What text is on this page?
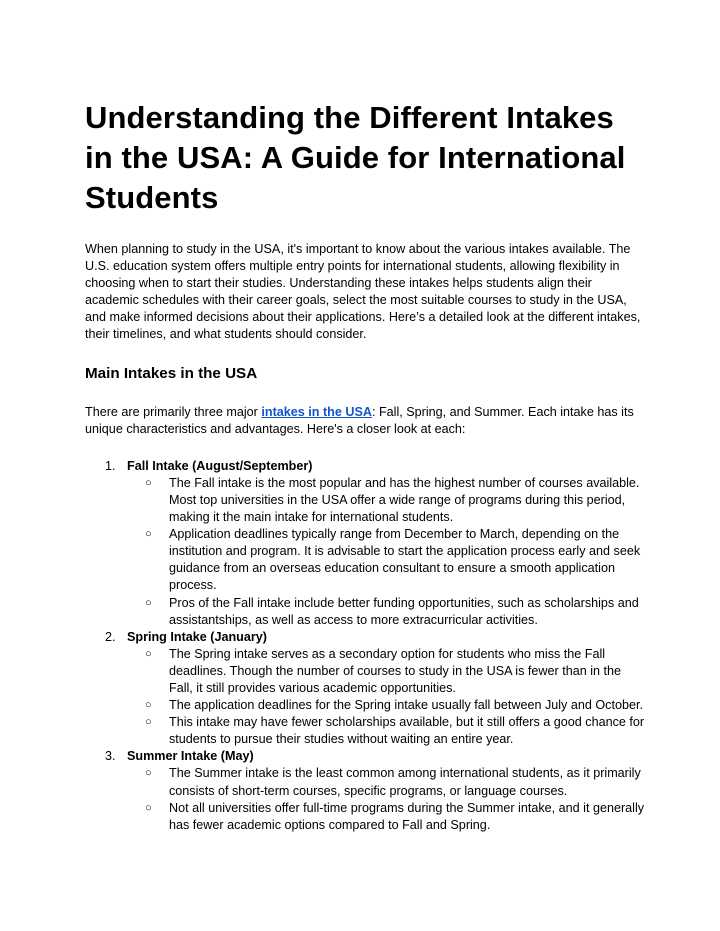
Understanding the Different Intakes in the USA: A Guide for International Students

When planning to study in the USA, it's important to know about the various intakes available. The U.S. education system offers multiple entry points for international students, allowing flexibility in choosing when to start their studies. Understanding these intakes helps students align their academic schedules with their career goals, select the most suitable courses to study in the USA, and make informed decisions about their applications. Here’s a detailed look at the different intakes, their timelines, and what students should consider.

Main Intakes in the USA

There are primarily three major intakes in the USA: Fall, Spring, and Summer. Each intake has its unique characteristics and advantages. Here's a closer look at each:

1. Fall Intake (August/September)
○ The Fall intake is the most popular and has the highest number of courses available. Most top universities in the USA offer a wide range of programs during this period, making it the main intake for international students.
○ Application deadlines typically range from December to March, depending on the institution and program. It is advisable to start the application process early and seek guidance from an overseas education consultant to ensure a smooth application process.
○ Pros of the Fall intake include better funding opportunities, such as scholarships and assistantships, as well as access to more extracurricular activities.
2. Spring Intake (January)
○ The Spring intake serves as a secondary option for students who miss the Fall deadlines. Though the number of courses to study in the USA is fewer than in the Fall, it still provides various academic opportunities.
○ The application deadlines for the Spring intake usually fall between July and October.
○ This intake may have fewer scholarships available, but it still offers a good chance for students to pursue their studies without waiting an entire year.
3. Summer Intake (May)
○ The Summer intake is the least common among international students, as it primarily consists of short-term courses, specific programs, or language courses.
○ Not all universities offer full-time programs during the Summer intake, and it generally has fewer academic options compared to Fall and Spring.
